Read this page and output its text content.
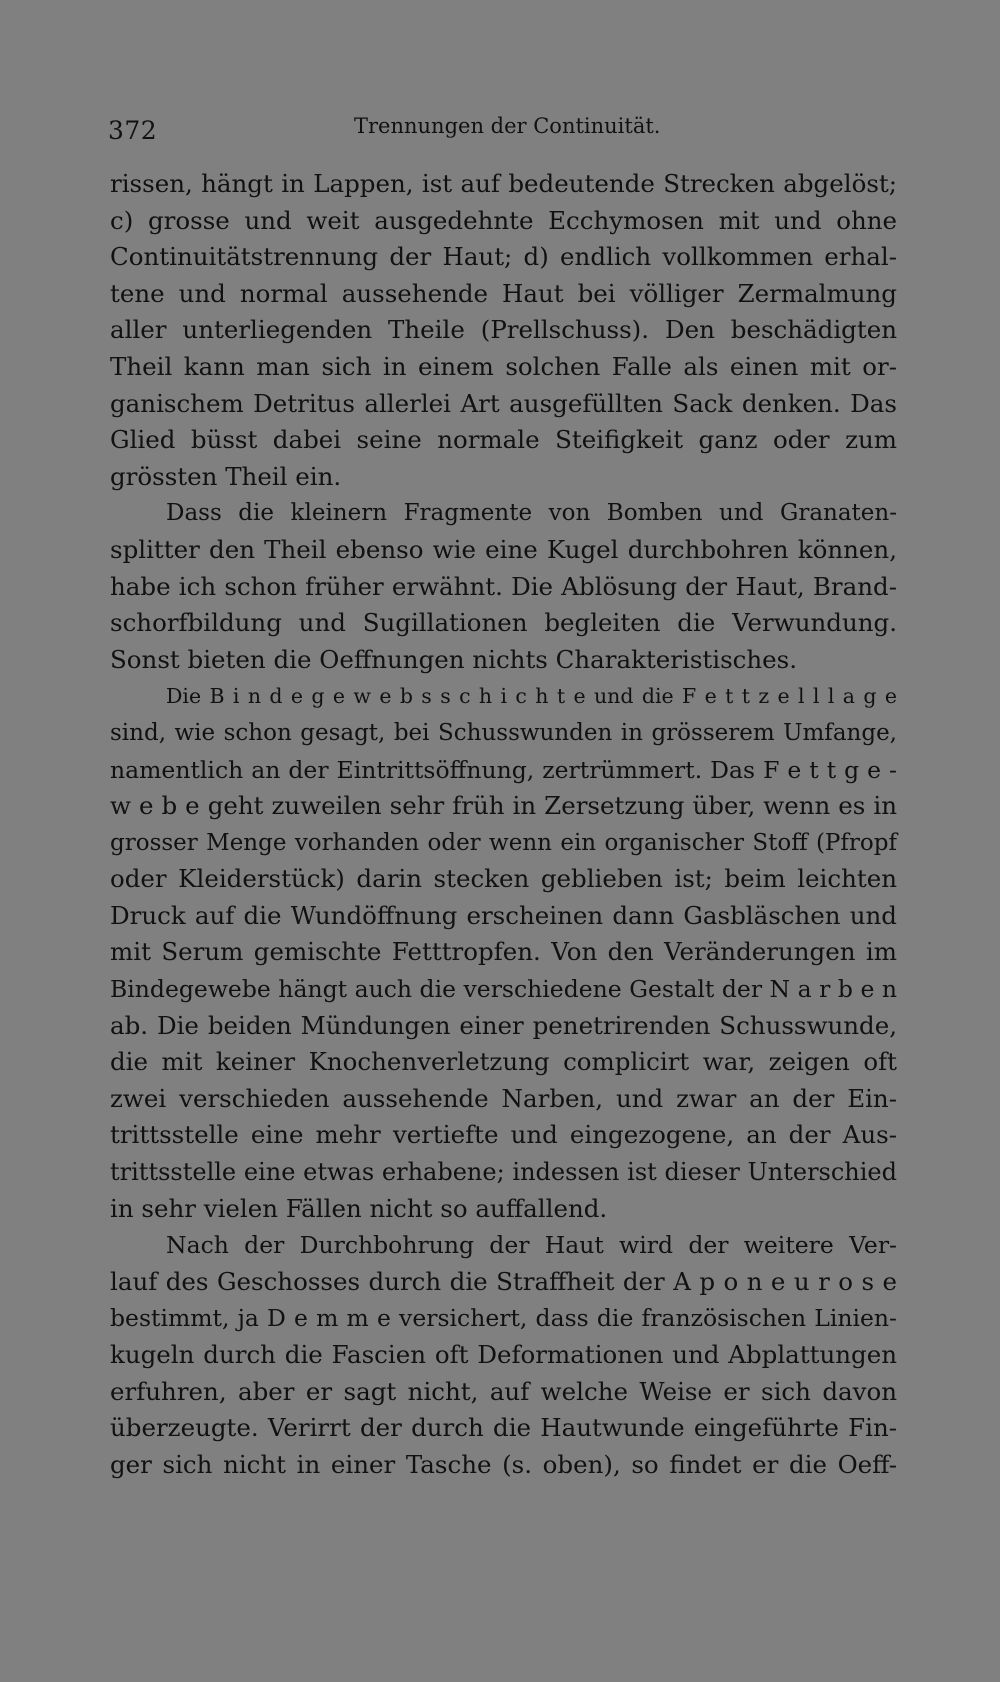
372	Trennungen der Continuität.
rissen, hängt in Lappen, ist auf bedeutende Strecken abgelöst;
c) grosse und weit ausgedehnte Ecchymosen mit und ohne
Continuitätstrennung der Haut; d) endlich vollkommen erhal-
tene und normal aussehende Haut bei völliger Zermalmung
aller unterliegenden Theile (Prellschuss). Den beschädigten
Theil kann man sich in einem solchen Falle als einen mit or-
ganischem Detritus allerlei Art ausgefüllten Sack denken. Das
Glied büsst dabei seine normale Steifigkeit ganz oder zum
grössten Theil ein.
Dass die kleinern Fragmente von Bomben und Granaten-
splitter den Theil ebenso wie eine Kugel durchbohren können,
habe ich schon früher erwähnt. Die Ablösung der Haut, Brand-
schorfbildung und Sugillationen begleiten die Verwundung.
Sonst bieten die Oeffnungen nichts Charakteristisches.
Die B i n d e g e w e b s s c h i c h t e und die F e t t z e l l l a g e
sind, wie schon gesagt, bei Schusswunden in grösserem Umfange,
namentlich an der Eintrittsöffnung, zertrümmert. Das F e t t g e -
w e b e geht zuweilen sehr früh in Zersetzung über, wenn es in
grosser Menge vorhanden oder wenn ein organischer Stoff (Pfropf
oder Kleiderstück) darin stecken geblieben ist; beim leichten
Druck auf die Wundöffnung erscheinen dann Gasbläschen und
mit Serum gemischte Fetttropfen. Von den Veränderungen im
Bindegewebe hängt auch die verschiedene Gestalt der N a r b e n
ab. Die beiden Mündungen einer penetrirenden Schusswunde,
die mit keiner Knochenverletzung complicirt war, zeigen oft
zwei verschieden aussehende Narben, und zwar an der Ein-
trittsstelle eine mehr vertiefte und eingezogene, an der Aus-
trittsstelle eine etwas erhabene; indessen ist dieser Unterschied
in sehr vielen Fällen nicht so auffallend.
Nach der Durchbohrung der Haut wird der weitere Ver-
lauf des Geschosses durch die Straffheit der A p o n e u r o s e
bestimmt, ja D e m m e versichert, dass die französischen Linien-
kugeln durch die Fascien oft Deformationen und Abplattungen
erfuhren, aber er sagt nicht, auf welche Weise er sich davon
überzeugte. Verirrt der durch die Hautwunde eingeführte Fin-
ger sich nicht in einer Tasche (s. oben), so findet er die Oeff-
